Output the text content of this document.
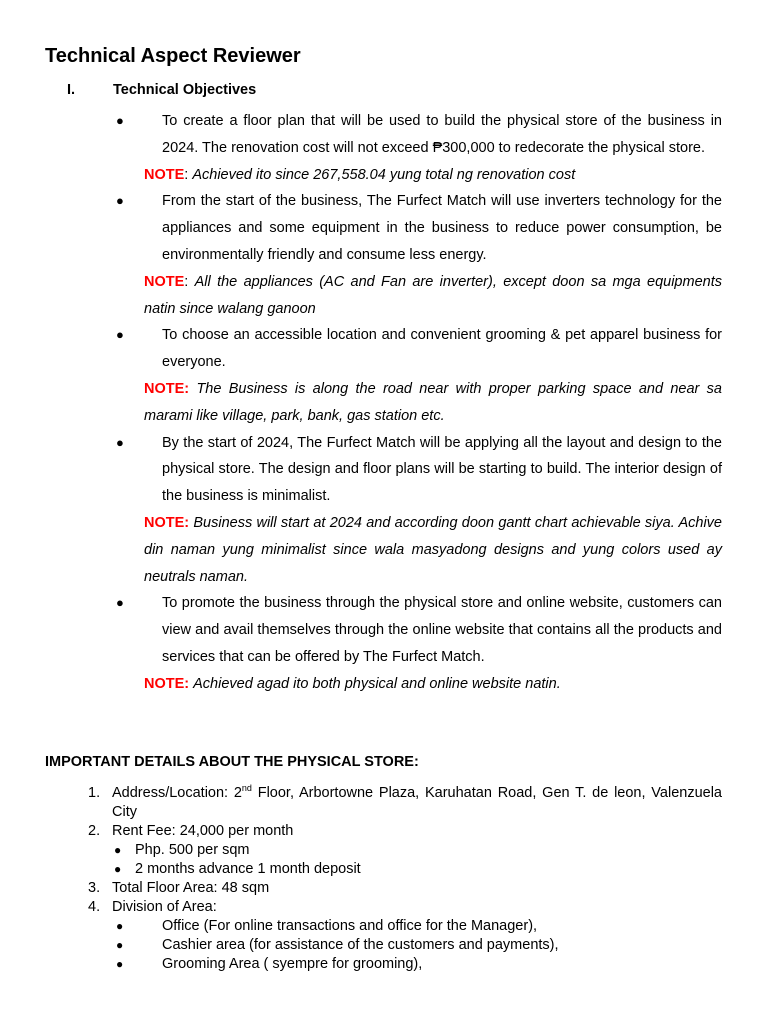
Technical Aspect Reviewer
I.	Technical Objectives
●	To create a floor plan that will be used to build the physical store of the business in 2024. The renovation cost will not exceed ₱300,000 to redecorate the physical store.

NOTE: Achieved ito since 267,558.04 yung total ng renovation cost

●	From the start of the business, The Furfect Match will use inverters technology for the appliances and some equipment in the business to reduce power consumption, be environmentally friendly and consume less energy.

NOTE: All the appliances (AC and Fan are inverter), except doon sa mga equipments natin since walang ganoon

●	To choose an accessible location and convenient grooming & pet apparel business for everyone.

NOTE: The Business is along the road near with proper parking space and near sa marami like village, park, bank, gas station etc.

●	By the start of 2024, The Furfect Match will be applying all the layout and design to the physical store. The design and floor plans will be starting to build. The interior design of the business is minimalist.

NOTE: Business will start at 2024 and according doon gantt chart achievable siya. Achive din naman yung minimalist since wala masyadong designs and yung colors used ay neutrals naman.

●	To promote the business through the physical store and online website, customers can view and avail themselves through the online website that contains all the products and services that can be offered by The Furfect Match.

NOTE: Achieved agad ito both physical and online website natin.

IMPORTANT DETAILS ABOUT THE PHYSICAL STORE:
1. Address/Location: 2nd Floor, Arbortowne Plaza, Karuhatan Road, Gen T. de leon, Valenzuela City
2. Rent Fee: 24,000 per month
● Php. 500 per sqm
● 2 months advance 1 month deposit
3. Total Floor Area: 48 sqm
4. Division of Area:
●	Office (For online transactions and office for the Manager),
●	Cashier area (for assistance of the customers and payments),
●	Grooming Area ( syempre for grooming),
